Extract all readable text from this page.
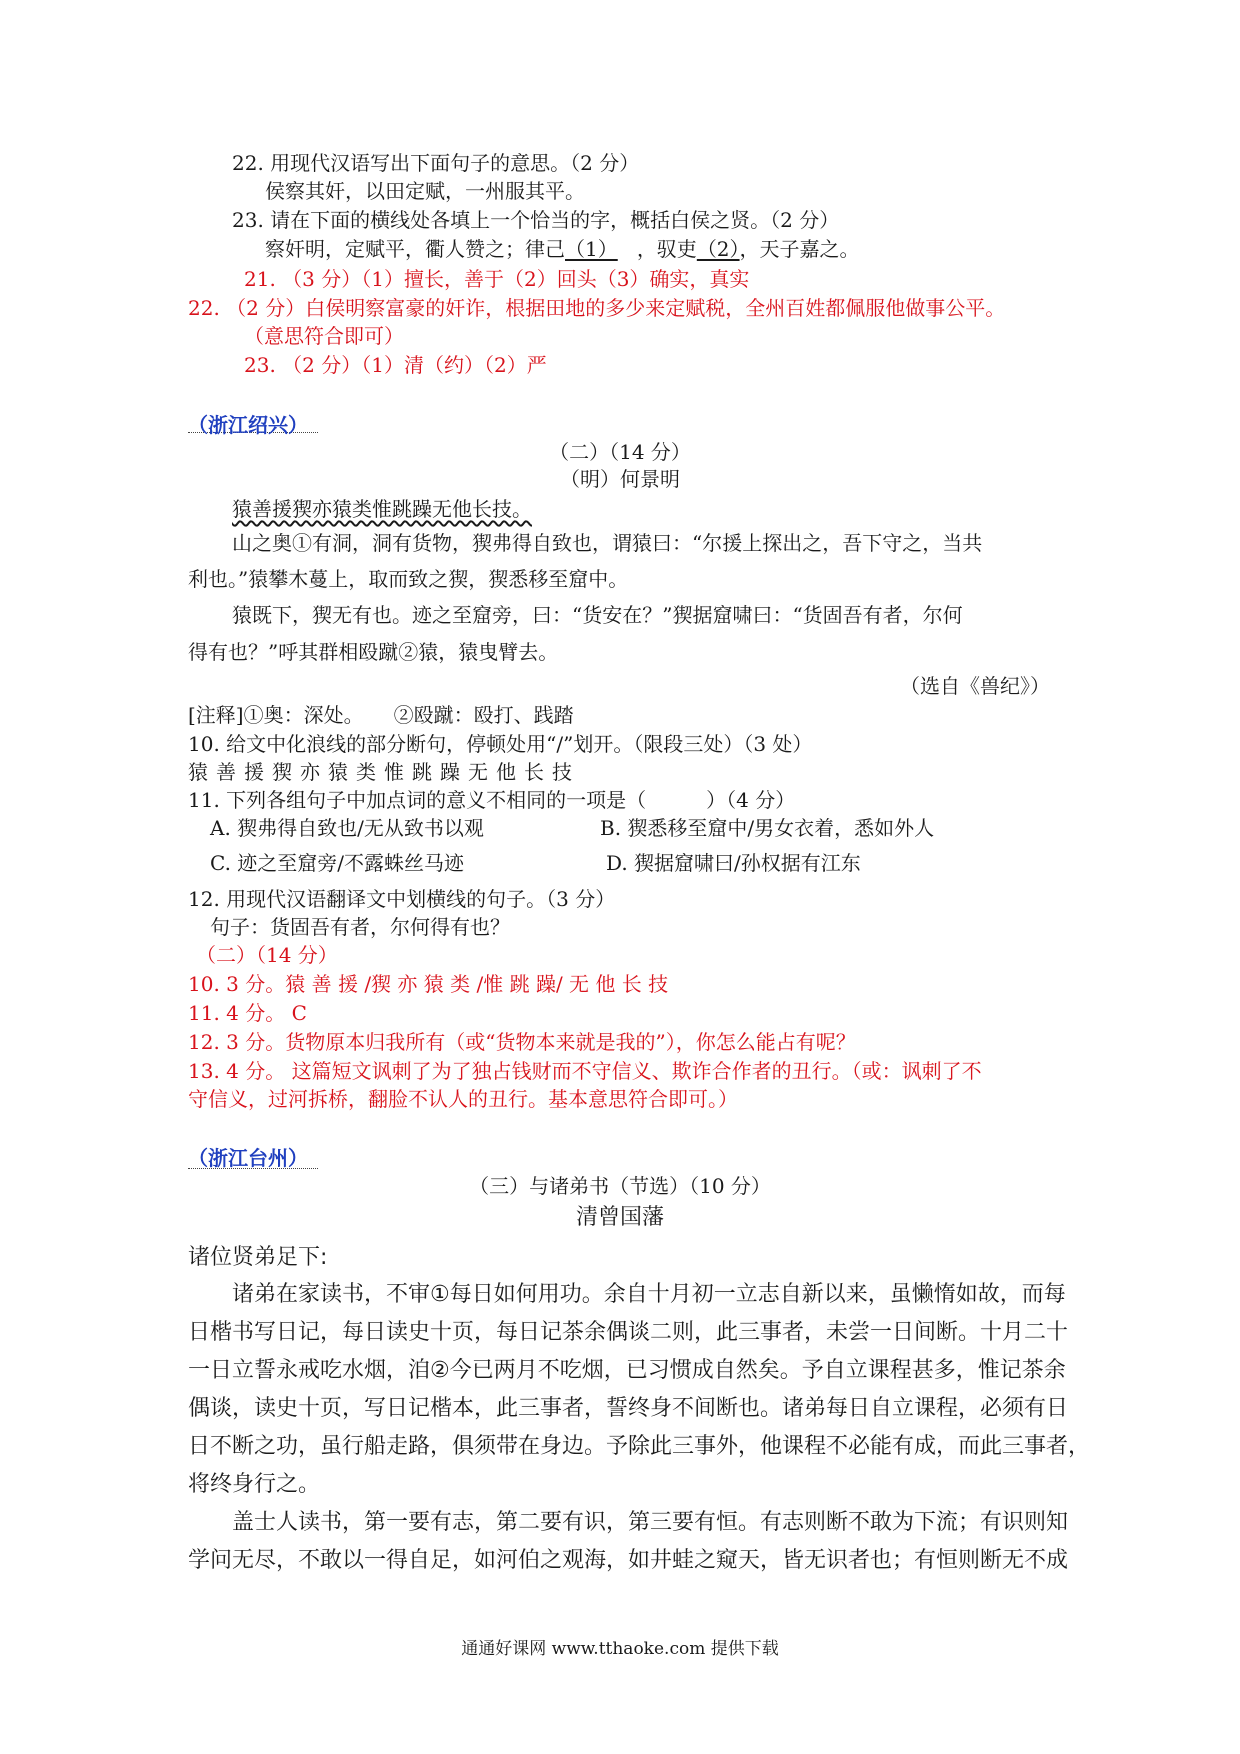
22. 用现代汉语写出下面句子的意思。（2 分）
侯察其奸，以田定赋，一州服其平。
23. 请在下面的横线处各填上一个恰当的字，概括白侯之贤。（2 分）
察奸明，定赋平，衢人赞之；律己（1） ，驭吏（2），天子嘉之。
21. （3 分）（1）擅长，善于（2）回头（3）确实，真实
22. （2 分）白侯明察富豪的奸诈，根据田地的多少来定赋税，全州百姓都佩服他做事公平。
（意思符合即可）
23. （2 分）（1）清（约）（2）严
（浙江绍兴）
（二）（14 分）
（明）何景明
猿善援猰亦猿类惟跳躁无他长技。
山之奥①有洞，洞有货物，猰弗得自致也，谓猿曰：“尔援上探出之，吾下守之，当共
利也。”猿攀木蔓上，取而致之猰，猰悉移至窟中。
猿既下，猰无有也。迹之至窟旁，曰：“货安在？”猰据窟啸曰：“货固吾有者，尔何
得有也？”呼其群相殴蹴②猿，猿曳臂去。
（选自《兽纪》）
[注释]①奥：深处。　　②殴蹴：殴打、践踏
10. 给文中化浪线的部分断句，停顿处用“/”划开。（限段三处）（3 处）
猿善援猰亦猿类惟跳躁无他长技
11. 下列各组句子中加点词的意义不相同的一项是（　　　）（4 分）
A. 猰弗得自致也/无从致书以观	B. 猰悉移至窟中/男女衣着，悉如外人
C. 迹之至窟旁/不露蛛丝马迹	D. 猰据窟啸曰/孙权据有江东
12. 用现代汉语翻译文中划横线的句子。（3 分）
句子：货固吾有者，尔何得有也？
（二）（14 分）
10. 3 分。猿 善 援 /猰 亦 猿 类 /惟 跳 躁/ 无 他 长 技
11. 4 分。 C
12. 3 分。货物原本归我所有（或“货物本来就是我的”），你怎么能占有呢？
13. 4 分。 这篇短文讽刺了为了独占钱财而不守信义、欺诈合作者的丑行。（或：讽刺了不
守信义，过河拆桥，翻脸不认人的丑行。基本意思符合即可。）
（浙江台州）
（三）与诸弟书（节选）（10 分）
清曾国藩
诸位贤弟足下:
诸弟在家读书，不审①每日如何用功。余自十月初一立志自新以来，虽懒惰如故，而每
日楷书写日记，每日读史十页，每日记茶余偶谈二则，此三事者，未尝一日间断。十月二十
一日立誓永戒吃水烟，洎②今已两月不吃烟，已习惯成自然矣。予自立课程甚多，惟记茶余
偶谈，读史十页，写日记楷本，此三事者，誓终身不间断也。诸弟每日自立课程，必须有日
日不断之功，虽行船走路，俱须带在身边。予除此三事外，他课程不必能有成，而此三事者，
将终身行之。
盖士人读书，第一要有志，第二要有识，第三要有恒。有志则断不敢为下流；有识则知
学问无尽，不敢以一得自足，如河伯之观海，如井蛙之窥天，皆无识者也；有恒则断无不成
通通好课网 www.tthaoke.com 提供下载
